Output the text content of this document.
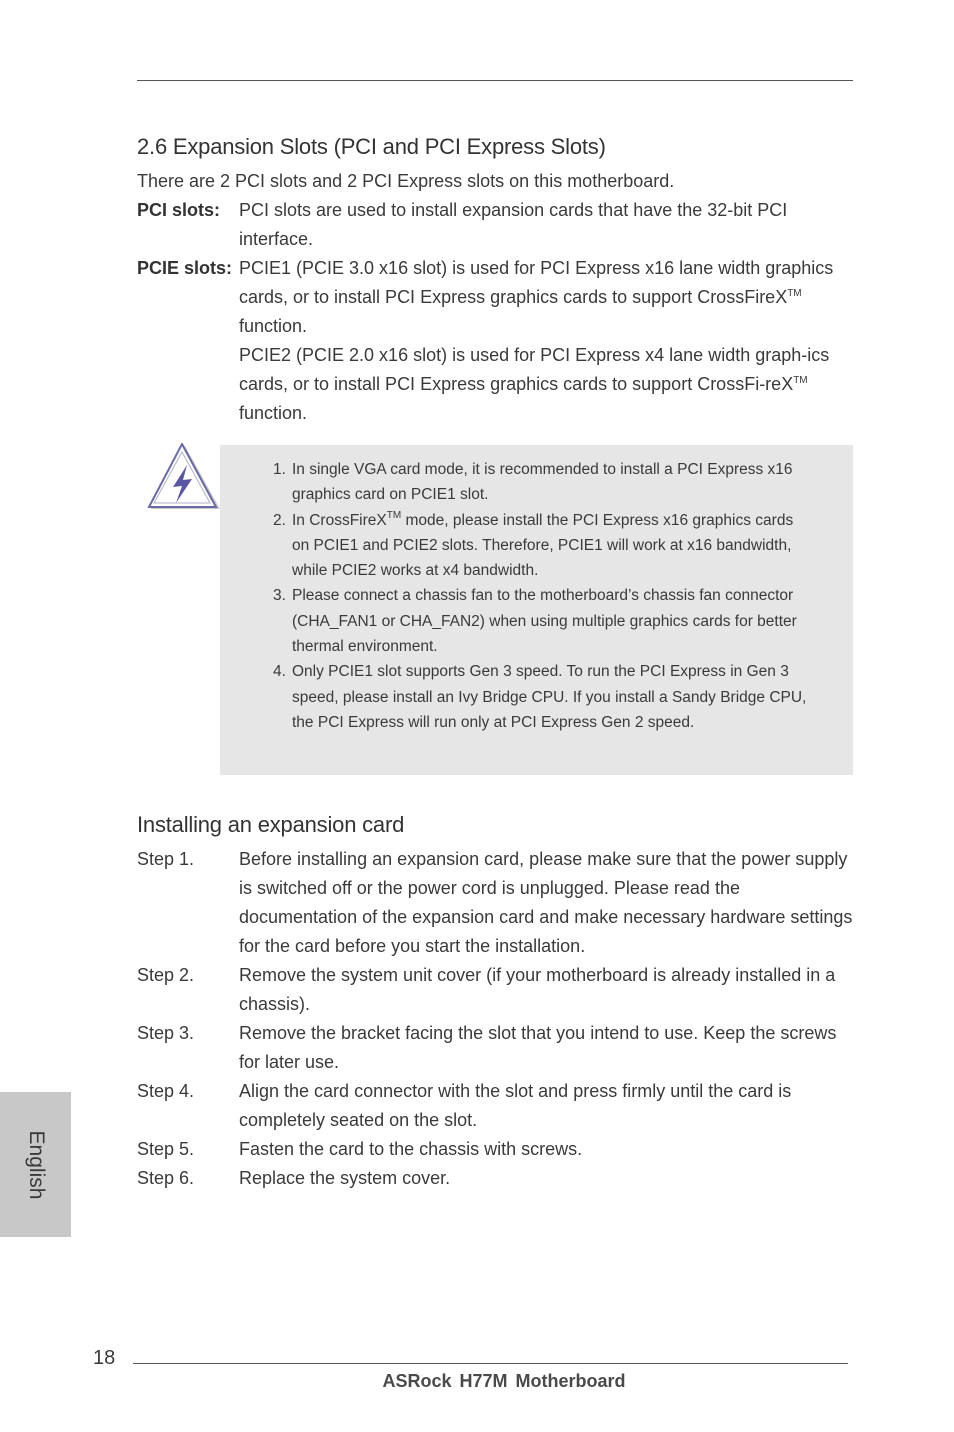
2.6 Expansion Slots (PCI and PCI Express Slots)
There are 2 PCI slots and 2 PCI Express slots on this motherboard.
PCI slots: PCI slots are used to install expansion cards that have the 32-bit PCI interface.

PCIE slots: PCIE1 (PCIE 3.0 x16 slot) is used for PCI Express x16 lane width graphics cards, or to install PCI Express graphics cards to support CrossFireX™ function.

PCIE2 (PCIE 2.0 x16 slot) is used for PCI Express x4 lane width graph-ics cards, or to install PCI Express graphics cards to support CrossFi-reX™ function.

1. In single VGA card mode, it is recommended to install a PCI Express x16 graphics card on PCIE1 slot.
2. In CrossFireX™ mode, please install the PCI Express x16 graphics cards on PCIE1 and PCIE2 slots. Therefore, PCIE1 will work at x16 bandwidth, while PCIE2 works at x4 bandwidth.
3. Please connect a chassis fan to the motherboard’s chassis fan connector (CHA_FAN1 or CHA_FAN2) when using multiple graphics cards for better thermal environment.
4. Only PCIE1 slot supports Gen 3 speed. To run the PCI Express in Gen 3 speed, please install an Ivy Bridge CPU. If you install a Sandy Bridge CPU, the PCI Express will run only at PCI Express Gen 2 speed.
Installing an expansion card
Step 1. Before installing an expansion card, please make sure that the power supply is switched off or the power cord is unplugged. Please read the documentation of the expansion card and make necessary hardware settings for the card before you start the installation.
Step 2. Remove the system unit cover (if your motherboard is already installed in a chassis).
Step 3. Remove the bracket facing the slot that you intend to use. Keep the screws for later use.
Step 4. Align the card connector with the slot and press firmly until the card is completely seated on the slot.
Step 5. Fasten the card to the chassis with screws.
Step 6. Replace the system cover.
English
18
ASRock H77M Motherboard
